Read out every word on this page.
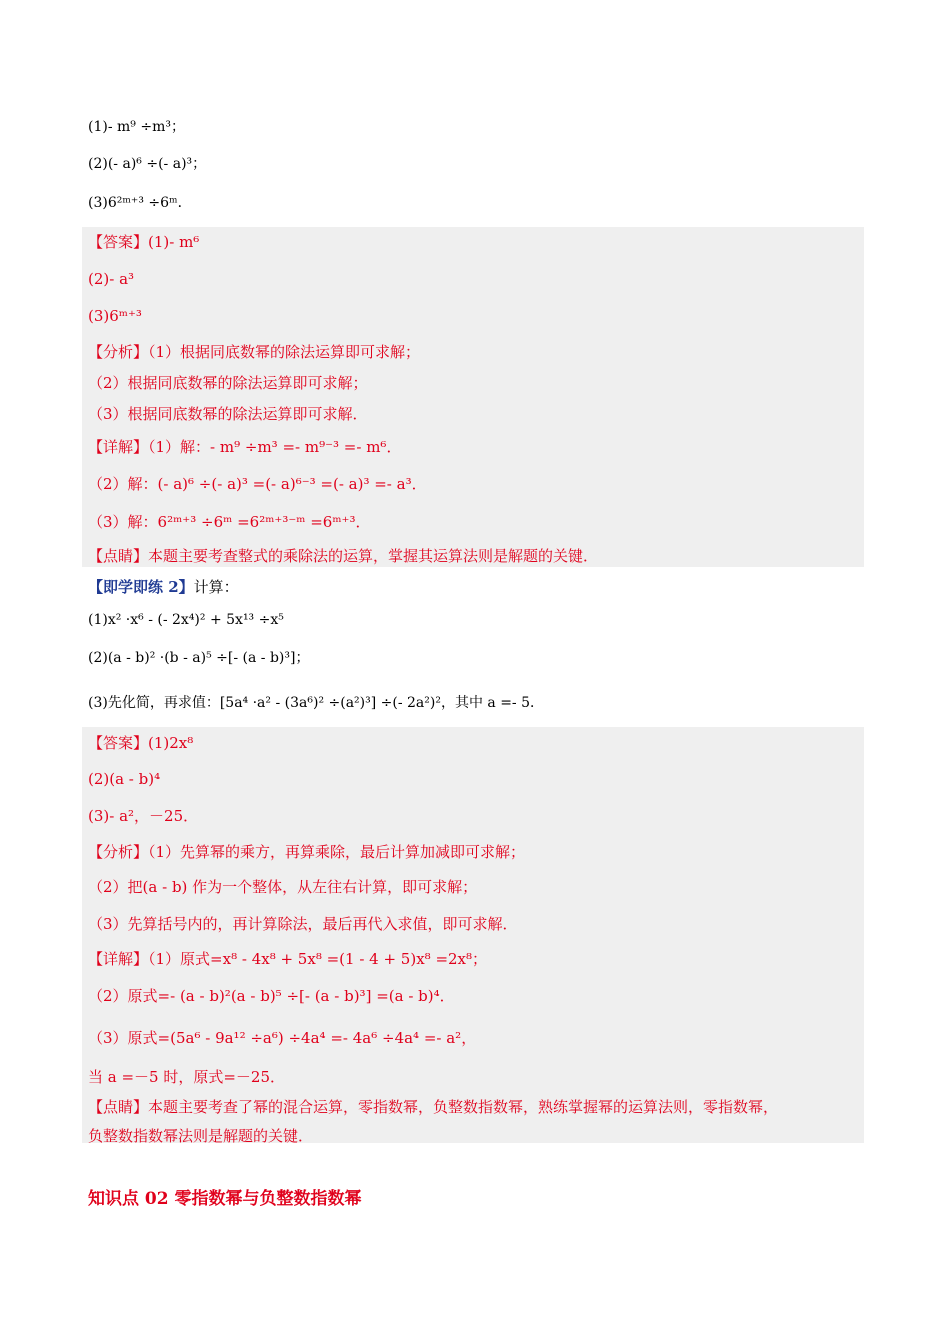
(1)- m⁹ ÷m³；
(2)(- a)⁶ ÷(- a)³；
(3)6²ᵐ⁺³ ÷6ᵐ．
【答案】(1)- m⁶
(2)- a³
(3)6ᵐ⁺³
【分析】（1）根据同底数幂的除法运算即可求解；
（2）根据同底数幂的除法运算即可求解；
（3）根据同底数幂的除法运算即可求解．
【详解】（1）解：- m⁹ ÷m³ =- m⁹⁻³ =- m⁶．
（2）解：(- a)⁶ ÷(- a)³ =(- a)⁶⁻³ =(- a)³ =- a³．
（3）解：6²ᵐ⁺³ ÷6ᵐ =6²ᵐ⁺³⁻ᵐ =6ᵐ⁺³．
【点睛】本题主要考查整式的乘除法的运算，掌握其运算法则是解题的关键．
【即学即练 2】计算：
(1)x² ·x⁶ - (- 2x⁴)² + 5x¹³ ÷x⁵
(2)(a - b)² ·(b - a)⁵ ÷[- (a - b)³]；
(3)先化简，再求值：[5a⁴ ·a² - (3a⁶)² ÷(a²)³] ÷(- 2a²)²，其中 a =- 5．
【答案】(1)2x⁸
(2)(a - b)⁴
(3)- a²，－25．
【分析】（1）先算幂的乘方，再算乘除，最后计算加减即可求解；
（2）把(a - b) 作为一个整体，从左往右计算，即可求解；
（3）先算括号内的，再计算除法，最后再代入求值，即可求解．
【详解】（1）原式=x⁸ - 4x⁸ + 5x⁸ =(1 - 4 + 5)x⁸ =2x⁸；
（2）原式=- (a - b)²(a - b)⁵ ÷[- (a - b)³] =(a - b)⁴．
（3）原式=(5a⁶ - 9a¹² ÷a⁶) ÷4a⁴ =- 4a⁶ ÷4a⁴ =- a²，
当 a =－5 时，原式=－25．
【点睛】本题主要考查了幂的混合运算，零指数幂，负整数指数幂，熟练掌握幂的运算法则，零指数幂，
负整数指数幂法则是解题的关键．
知识点 02 零指数幂与负整数指数幂
